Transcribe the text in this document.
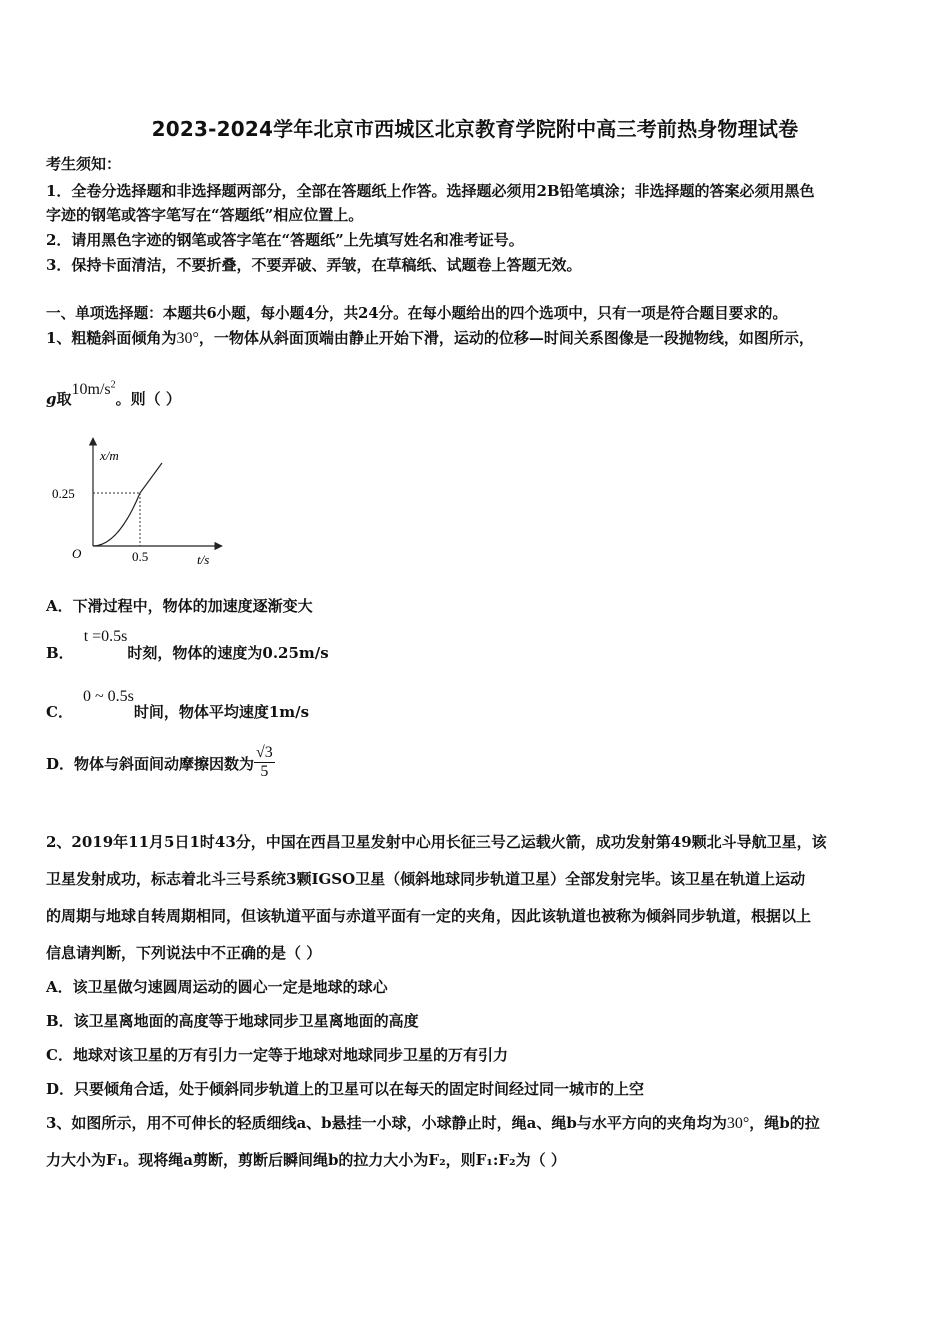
2023-2024学年北京市西城区北京教育学院附中高三考前热身物理试卷
考生须知：
1．全卷分选择题和非选择题两部分，全部在答题纸上作答。选择题必须用2B铅笔填涂；非选择题的答案必须用黑色
字迹的钢笔或答字笔写在“答题纸”相应位置上。
2．请用黑色字迹的钢笔或答字笔在“答题纸”上先填写姓名和准考证号。
3．保持卡面清洁，不要折叠，不要弄破、弄皱，在草稿纸、试题卷上答题无效。
一、单项选择题：本题共6小题，每小题4分，共24分。在每小题给出的四个选项中，只有一项是符合题目要求的。
1、粗糙斜面倾角为30°，一物体从斜面顶端由静止开始下滑，运动的位移—时间关系图像是一段抛物线，如图所示，
g取$10m/s^2$。则（ ）
x/m
t/s
O
0.25
0.5
A．下滑过程中，物体的加速度逐渐变大
B．t =0.5s时刻，物体的速度为0.25m/s
C．0 ~ 0.5s时间，物体平均速度1m/s
D．物体与斜面间动摩擦因数为 $\frac{√3}{5}$
2、2019年11月5日1时43分，中国在西昌卫星发射中心用长征三号乙运载火箭，成功发射第49颗北斗导航卫星，该
卫星发射成功，标志着北斗三号系统3颗IGSO卫星（倾斜地球同步轨道卫星）全部发射完毕。该卫星在轨道上运动
的周期与地球自转周期相同，但该轨道平面与赤道平面有一定的夹角，因此该轨道也被称为倾斜同步轨道，根据以上
信息请判断，下列说法中不正确的是（ ）
A．该卫星做匀速圆周运动的圆心一定是地球的球心
B．该卫星离地面的高度等于地球同步卫星离地面的高度
C．地球对该卫星的万有引力一定等于地球对地球同步卫星的万有引力
D．只要倾角合适，处于倾斜同步轨道上的卫星可以在每天的固定时间经过同一城市的上空
3、如图所示，用不可伸长的轻质细线a、b悬挂一小球，小球静止时，绳a、绳b与水平方向的夹角均为30°，绳b的拉
力大小为F₁。现将绳a剪断，剪断后瞬间绳b的拉力大小为F₂，则F₁:F₂为（ ）
